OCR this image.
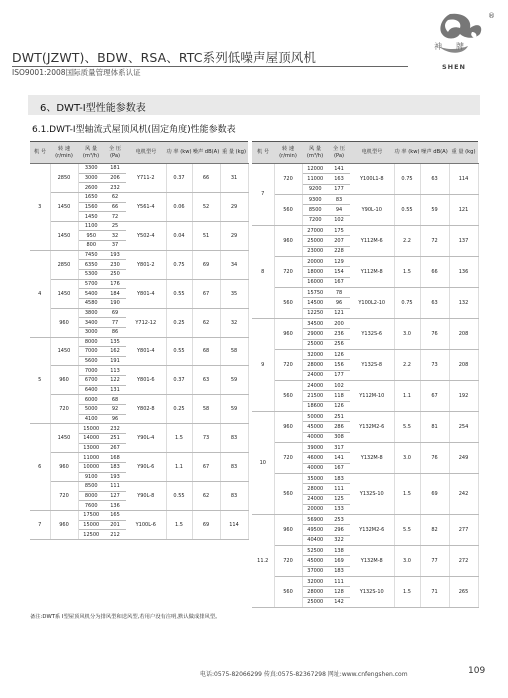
神牌
SHEN
®
DWT(JZWT)、BDW、RSA、RTC系列低噪声屋顶风机
ISO9001:2008国际质量管理体系认证
6、DWT-I型性能参数表
6.1.DWT-I型轴流式屋顶风机(固定角度)性能参数表
机 号	转 速 (r/min)	风 量 (m³/h)	全 压 (Pa)	电机型号	功 率 (kw)	噪声 dB(A)	重 量 (kg)
3	2850	3300	181	Y711-2	0.37	66	31
		3000	206				
		2600	232				
	1450	1650	62	Y561-4	0.06	52	29
		1560	66				
		1450	72				
	1450	1100	25	Y502-4	0.04	51	29
		950	32				
		800	37				
4	2850	7450	193	Y801-2	0.75	69	34
		6350	230				
		5300	250				
	1450	5700	176	Y801-4	0.55	67	35
		5400	184				
		4580	190				
	960	3800	69	Y712-12	0.25	62	32
		3400	77				
		3000	86				
5	1450	8000	135	Y801-4	0.55	68	58
		7000	162				
		5600	191				
	960	7000	113	Y801-6	0.37	63	59
		6700	122				
		6400	131				
	720	6000	68	Y802-8	0.25	58	59
		5000	92				
		4100	96				
6	1450	15000	232	Y90L-4	1.5	73	83
		14000	251				
		13000	267				
	960	11000	168	Y90L-6	1.1	67	83
		10000	183				
		9100	193				
	720	8500	111	Y90L-8	0.55	62	83
		8000	127				
		7600	136				
7	960	17500	165	Y100L-6	1.5	69	114
		15000	201				
		12500	212				
机 号	转 速 (r/min)	风 量 (m³/h)	全 压 (Pa)	电机型号	功 率 (kw)	噪声 dB(A)	重 量 (kg)
7	720	12000	141	Y100L1-8	0.75	63	114
		11000	163				
		9200	177				
	560	9300	83	Y90L-10	0.55	59	121
		8500	94				
		7200	102				
8	960	27000	175	Y112M-6	2.2	72	137
		25000	207				
		23000	228				
	720	20000	129	Y112M-8	1.5	66	136
		18000	154				
		16000	167				
	560	15750	78	Y100L2-10	0.75	63	132
		14500	96				
		12250	121				
9	960	34500	200	Y132S-6	3.0	76	208
		29000	236				
		25000	256				
	720	32000	126	Y132S-8	2.2	73	208
		28000	156				
		24000	177				
	560	24000	102	Y112M-10	1.1	67	192
		21500	118				
		18600	126				
10	960	50000	251	Y132M2-6	5.5	81	254
		45000	286				
		40000	308				
	720	39000	317	Y132M-8	3.0	76	249
		46000	141				
		40000	167				
	560	35000	183	Y132S-10	1.5	69	242
		28000	111				
		24000	125				
		20000	133				
11.2	960	56900	253	Y132M2-6	5.5	82	277
		49500	296				
		40400	322				
	720	52500	138	Y132M-8	3.0	77	272
		45000	169				
		37000	183				
	560	32000	111	Y132S-10	1.5	71	265
		28000	128				
		25000	142				
备注:DWT系 I型屋顶风机分为排风型和送风型,若用户没有注明,默认做成排风型。
电话:0575-82066299 传真:0575-82367298 网址:www.cnfengshen.com	109
